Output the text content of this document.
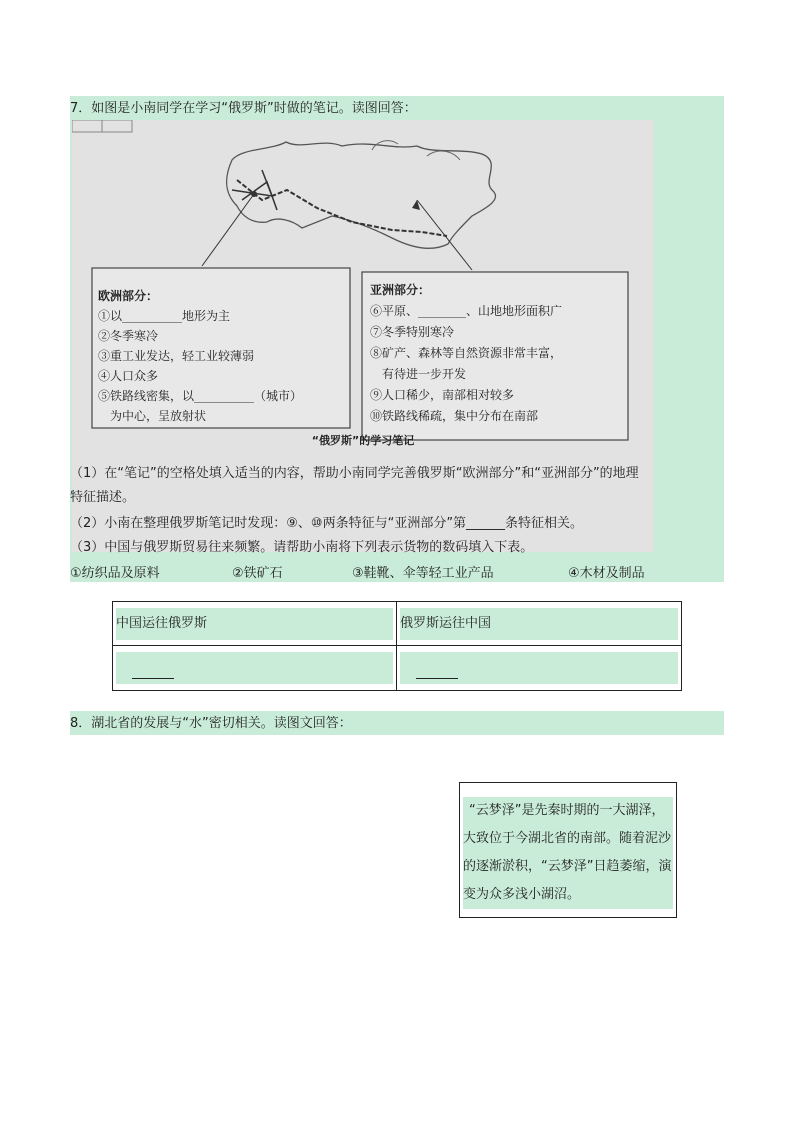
7．如图是小南同学在学习“俄罗斯”时做的笔记。读图回答：
欧洲部分：
①以__________地形为主
②冬季寒冷
③重工业发达，轻工业较薄弱
④人口众多
⑤铁路线密集，以__________（城市）
为中心，呈放射状
亚洲部分：
⑥平原、________、山地地形面积广
⑦冬季特别寒冷
⑧矿产、森林等自然资源非常丰富，
有待进一步开发
⑨人口稀少，南部相对较多
⑩铁路线稀疏，集中分布在南部
“俄罗斯”的学习笔记
（1）在“笔记”的空格处填入适当的内容，帮助小南同学完善俄罗斯“欧洲部分”和“亚洲部分”的地理
特征描述。
（2）小南在整理俄罗斯笔记时发现：⑨、⑩两条特征与“亚洲部分”第______条特征相关。
（3）中国与俄罗斯贸易往来频繁。请帮助小南将下列表示货物的数码填入下表。
①纺织品及原料	②铁矿石	③鞋靴、伞等轻工业产品	④木材及制品
中国运往俄罗斯	俄罗斯运往中国
8．湖北省的发展与“水”密切相关。读图文回答：
“云梦泽”是先秦时期的一大湖泽，大致位于今湖北省的南部。随着泥沙的逐渐淤积，“云梦泽”日趋萎缩，演变为众多浅小湖沼。
